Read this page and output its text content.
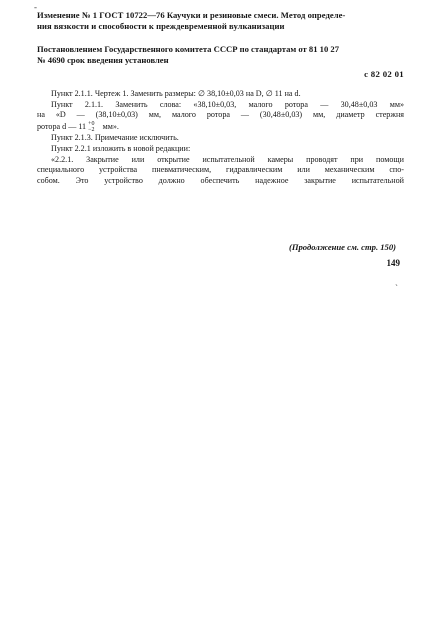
Изменение № 1 ГОСТ 10722—76 Каучуки и резиновые смеси. Метод определе-
ния вязкости и способности к преждевременной вулканизации
Постановлением Государственного комитета СССР по стандартам от 81 10 27
№ 4690 срок введения установлен
с 82 02 01

Пункт 2.1.1. Чертеж 1. Заменить размеры: ∅ 38,10±0,03 на D, ∅ 11 на d.

Пункт 2.1.1. Заменить слова: «38,10±0,03, малого ротора — 30,48±0,03 мм»

на «D — (38,10±0,03) мм, малого ротора — (30,48±0,03) мм, диаметр стержня

ротора d — 11 +0
−2 мм».

Пункт 2.1.3. Примечание исключить.

Пункт 2.2.1 изложить в новой редакции:

«2.2.1. Закрытие или открытие испытательной камеры проводят при помощи

специального устройства пневматическим, гидравлическим или механическим спо-

собом. Это устройство должно обеспечить надежное закрытие испытательной

(Продолжение см. стр. 150)
149
‐
`
